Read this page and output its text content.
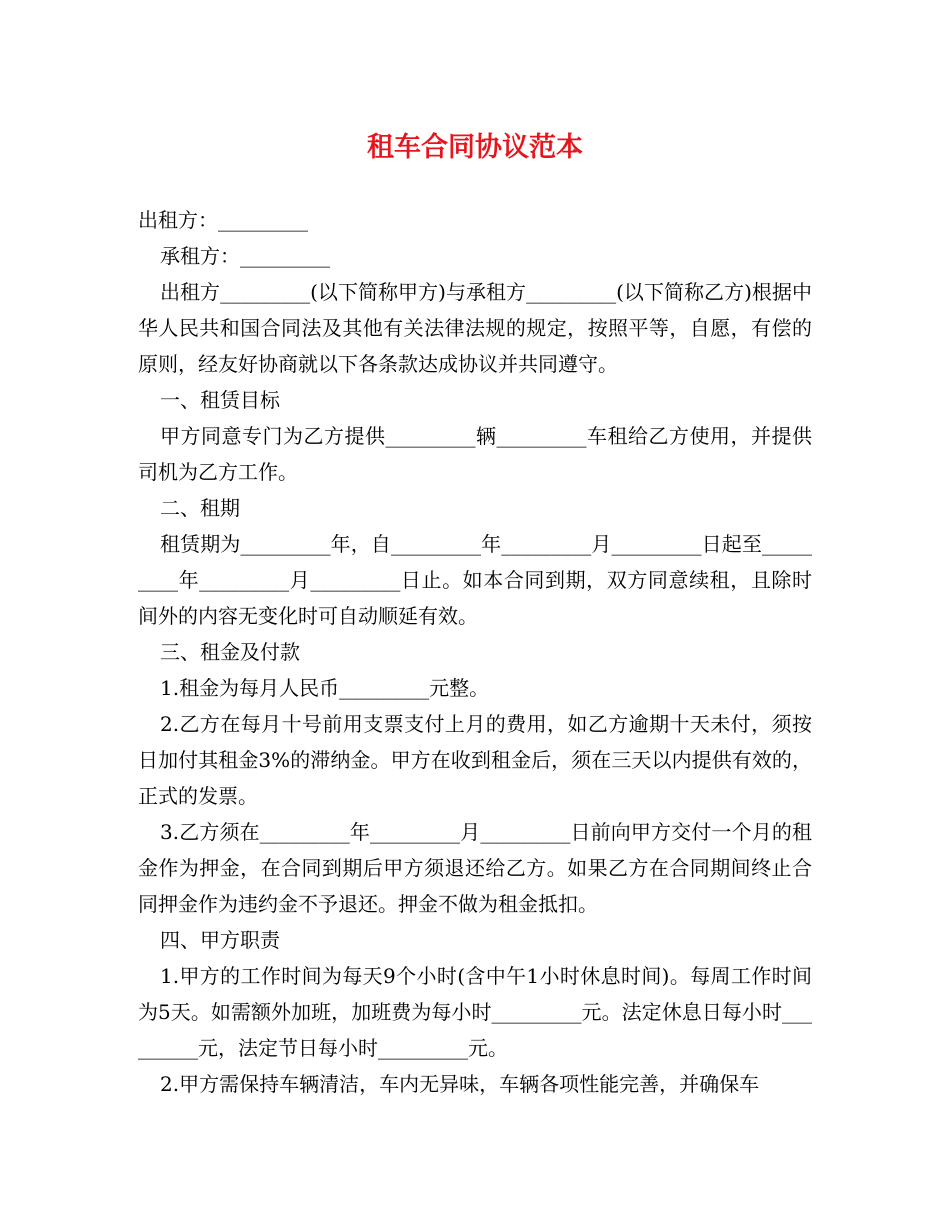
租车合同协议范本

出租方：_________

承租方：_________

出租方_________(以下简称甲方)与承租方_________(以下简称乙方)根据中华人民共和国合同法及其他有关法律法规的规定，按照平等，自愿，有偿的原则，经友好协商就以下各条款达成协议并共同遵守。

一、租赁目标

甲方同意专门为乙方提供_________辆_________车租给乙方使用，并提供司机为乙方工作。

二、租期

租赁期为_________年，自_________年_________月_________日起至_________年_________月_________日止。如本合同到期，双方同意续租，且除时间外的内容无变化时可自动顺延有效。

三、租金及付款

1.租金为每月人民币_________元整。

2.乙方在每月十号前用支票支付上月的费用，如乙方逾期十天未付，须按日加付其租金3%的滞纳金。甲方在收到租金后，须在三天以内提供有效的，正式的发票。

3.乙方须在_________年_________月_________日前向甲方交付一个月的租金作为押金，在合同到期后甲方须退还给乙方。如果乙方在合同期间终止合同押金作为违约金不予退还。押金不做为租金抵扣。

四、甲方职责

1.甲方的工作时间为每天9个小时(含中午1小时休息时间)。每周工作时间为5天。如需额外加班，加班费为每小时_________元。法定休息日每小时_________元，法定节日每小时_________元。

2.甲方需保持车辆清洁，车内无异味，车辆各项性能完善，并确保车
